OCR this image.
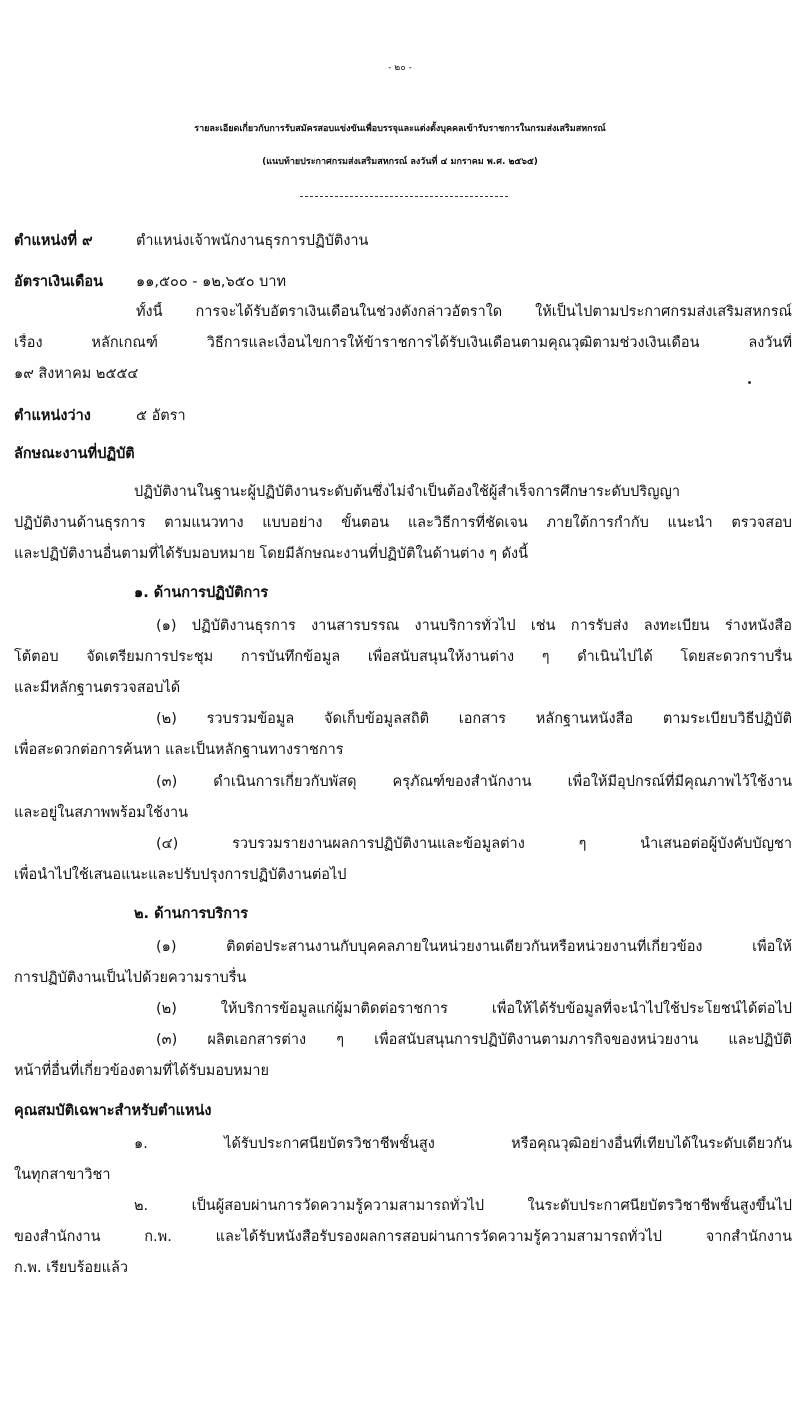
- ๒๐ -
รายละเอียดเกี่ยวกับการรับสมัครสอบแข่งขันเพื่อบรรจุและแต่งตั้งบุคคลเข้ารับราชการในกรมส่งเสริมสหกรณ์
(แนบท้ายประกาศกรมส่งเสริมสหกรณ์ ลงวันที่ ๔ มกราคม พ.ศ. ๒๕๖๕)
ตำแหน่งที่ ๙	ตำแหน่งเจ้าพนักงานธุรการปฏิบัติงาน
อัตราเงินเดือน ๑๑,๕๐๐ - ๑๒,๖๕๐ บาท
ทั้งนี้ การจะได้รับอัตราเงินเดือนในช่วงดังกล่าวอัตราใด ให้เป็นไปตามประกาศกรมส่งเสริมสหกรณ์
เรื่อง หลักเกณฑ์ วิธีการและเงื่อนไขการให้ข้าราชการได้รับเงินเดือนตามคุณวุฒิตามช่วงเงินเดือน ลงวันที่
๑๙ สิงหาคม ๒๕๕๔
ตำแหน่งว่าง	๕ อัตรา
ลักษณะงานที่ปฏิบัติ
ปฏิบัติงานในฐานะผู้ปฏิบัติงานระดับต้นซึ่งไม่จำเป็นต้องใช้ผู้สำเร็จการศึกษาระดับปริญญา
ปฏิบัติงานด้านธุรการ ตามแนวทาง แบบอย่าง ขั้นตอน และวิธีการที่ชัดเจน ภายใต้การกำกับ แนะนำ ตรวจสอบ
และปฏิบัติงานอื่นตามที่ได้รับมอบหมาย โดยมีลักษณะงานที่ปฏิบัติในด้านต่าง ๆ ดังนี้
๑. ด้านการปฏิบัติการ
(๑) ปฏิบัติงานธุรการ งานสารบรรณ งานบริการทั่วไป เช่น การรับส่ง ลงทะเบียน ร่างหนังสือ
โต้ตอบ จัดเตรียมการประชุม การบันทึกข้อมูล เพื่อสนับสนุนให้งานต่าง ๆ ดำเนินไปได้ โดยสะดวกราบรื่น
และมีหลักฐานตรวจสอบได้
(๒) รวบรวมข้อมูล จัดเก็บข้อมูลสถิติ เอกสาร หลักฐานหนังสือ ตามระเบียบวิธีปฏิบัติ
เพื่อสะดวกต่อการค้นหา และเป็นหลักฐานทางราชการ
(๓) ดำเนินการเกี่ยวกับพัสดุ ครุภัณฑ์ของสำนักงาน เพื่อให้มีอุปกรณ์ที่มีคุณภาพไว้ใช้งาน
และอยู่ในสภาพพร้อมใช้งาน
(๔) รวบรวมรายงานผลการปฏิบัติงานและข้อมูลต่าง ๆ นำเสนอต่อผู้บังคับบัญชา
เพื่อนำไปใช้เสนอแนะและปรับปรุงการปฏิบัติงานต่อไป
๒. ด้านการบริการ
(๑) ติดต่อประสานงานกับบุคคลภายในหน่วยงานเดียวกันหรือหน่วยงานที่เกี่ยวข้อง เพื่อให้
การปฏิบัติงานเป็นไปด้วยความราบรื่น
(๒) ให้บริการข้อมูลแก่ผู้มาติดต่อราชการ เพื่อให้ได้รับข้อมูลที่จะนำไปใช้ประโยชน์ได้ต่อไป
(๓) ผลิตเอกสารต่าง ๆ เพื่อสนับสนุนการปฏิบัติงานตามภารกิจของหน่วยงาน และปฏิบัติ
หน้าที่อื่นที่เกี่ยวข้องตามที่ได้รับมอบหมาย
คุณสมบัติเฉพาะสำหรับตำแหน่ง
๑. ได้รับประกาศนียบัตรวิชาชีพชั้นสูง หรือคุณวุฒิอย่างอื่นที่เทียบได้ในระดับเดียวกัน
ในทุกสาขาวิชา
๒. เป็นผู้สอบผ่านการวัดความรู้ความสามารถทั่วไป ในระดับประกาศนียบัตรวิชาชีพชั้นสูงขึ้นไป
ของสำนักงาน ก.พ. และได้รับหนังสือรับรองผลการสอบผ่านการวัดความรู้ความสามารถทั่วไป จากสำนักงาน
ก.พ. เรียบร้อยแล้ว
